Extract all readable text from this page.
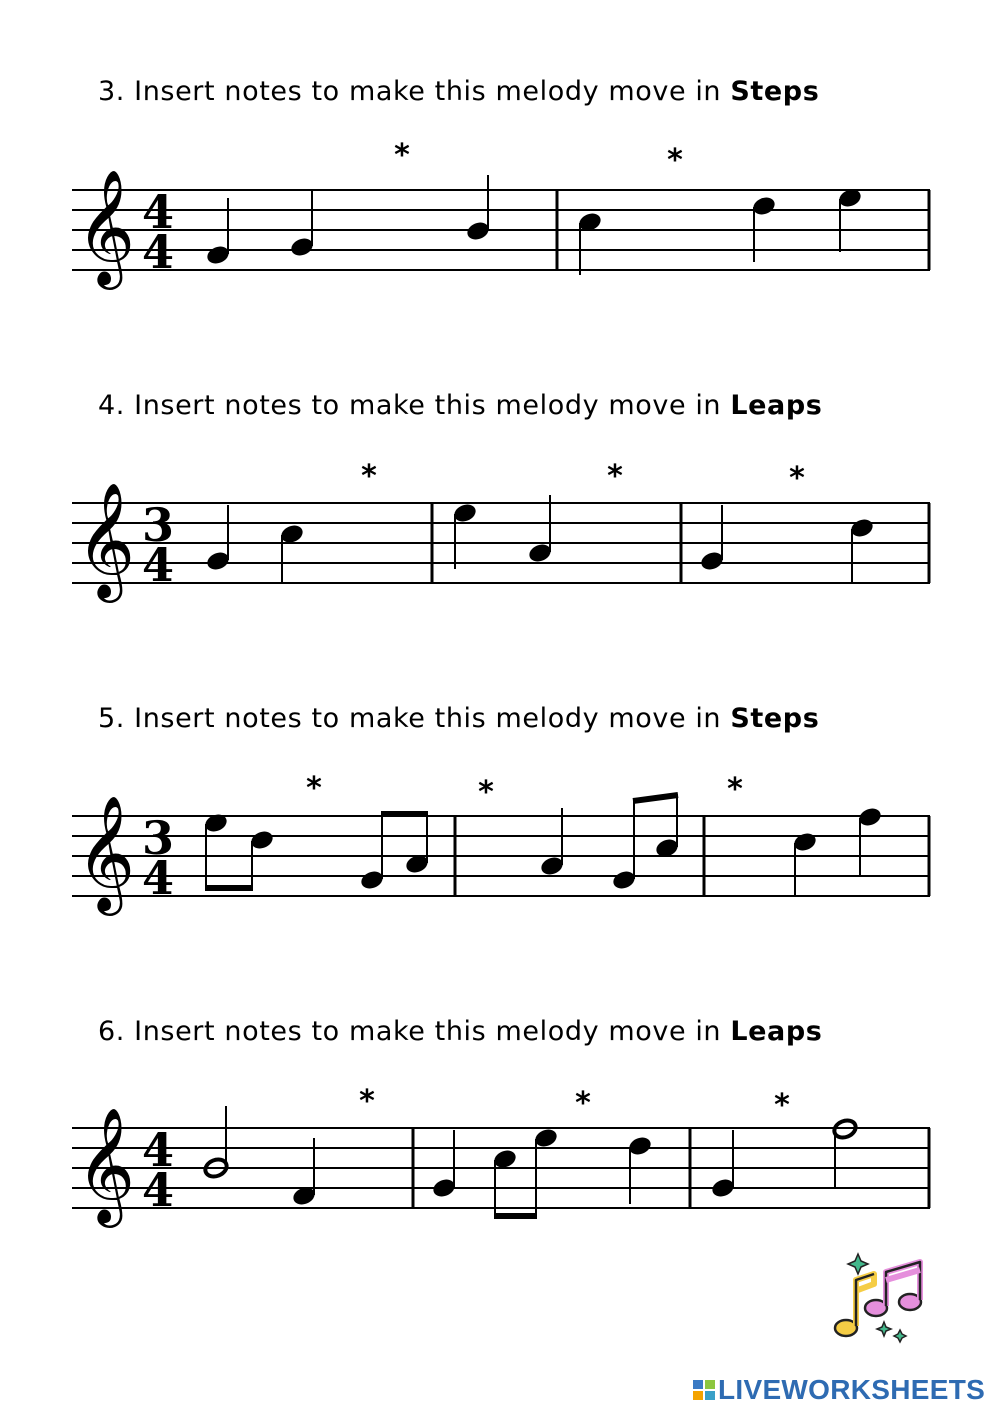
3. Insert notes to make this melody move in Steps
𝄞 4
4
*	*
4. Insert notes to make this melody move in Leaps
𝄞 3
4
*	*	*
5. Insert notes to make this melody move in Steps
𝄞 3
4
*	*	*
6. Insert notes to make this melody move in Leaps
𝄞 4
4
*	*	*
LIVEWORKSHEETS
